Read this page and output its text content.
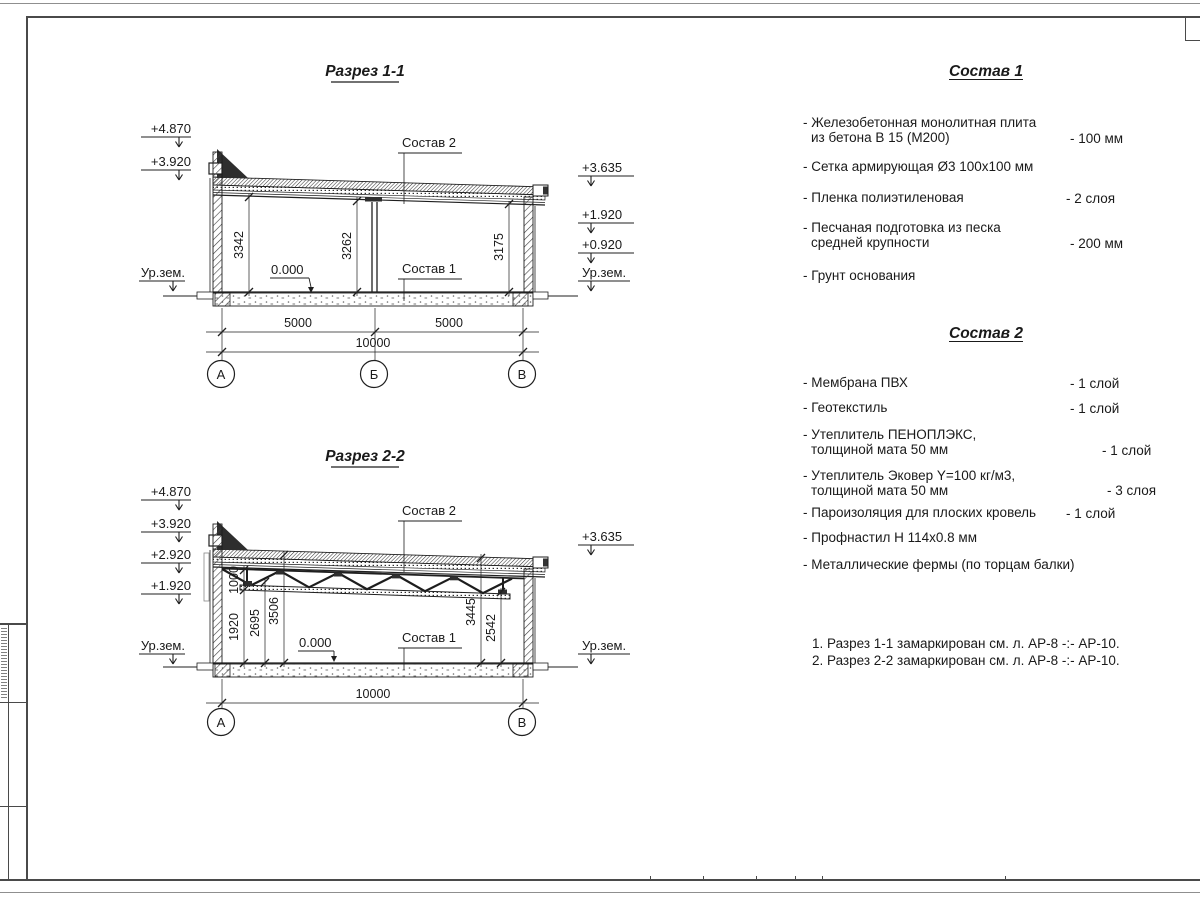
Разрез 1-1
+4.870
+3.920
Ур.зем.
+3.635
+1.920
+0.920
Ур.зем.
3342	3262	3175
0.000
Состав 2
Состав 1
5000	5000
10000
А	Б	В
Разрез 2-2
+4.870
+3.920
+2.920
+1.920
Ур.зем.
+3.635
Ур.зем.
1000
1920 2695 3506	3445
2542
0.000
Состав 2
Состав 1
10000
А	В
Состав 1
- Железобетонная монолитная плита
из бетона В 15 (М200)	- 100 мм
- Сетка армирующая Ø3 100х100 мм
- Пленка полиэтиленовая	- 2 слоя
- Песчаная подготовка из песка
средней крупности	- 200 мм
- Грунт основания
Состав 2
- Мембрана ПВХ	- 1 слой
- Геотекстиль	- 1 слой
- Утеплитель ПЕНОПЛЭКС,
толщиной мата 50 мм	- 1 слой
- Утеплитель Эковер Y=100 кг/м3,
толщиной мата 50 мм	- 3 слоя
- Пароизоляция для плоских кровель - 1 слой
- Профнастил Н 114х0.8 мм
- Металлические фермы (по торцам балки)
1. Разрез 1-1 замаркирован см. л. АР-8 -:- АР-10.
2. Разрез 2-2 замаркирован см. л. АР-8 -:- АР-10.
